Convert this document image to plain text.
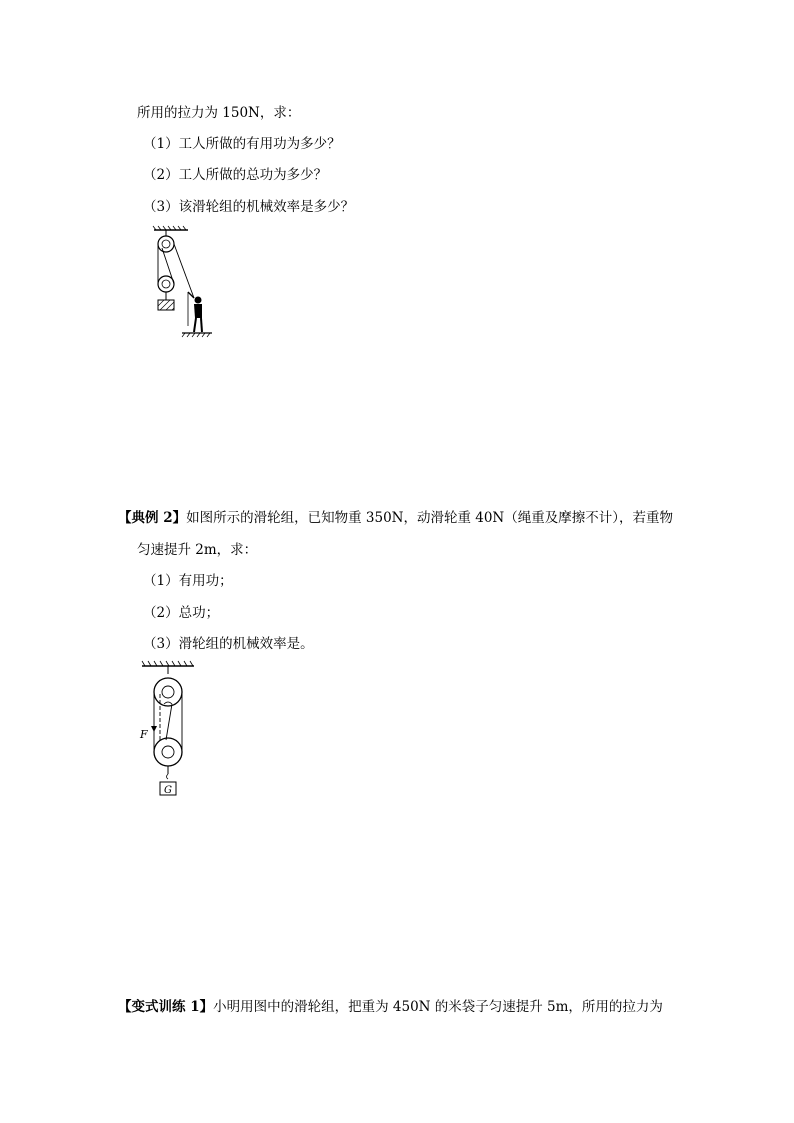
所用的拉力为 150N，求：
（1）工人所做的有用功为多少？
（2）工人所做的总功为多少？
（3）该滑轮组的机械效率是多少？
【典例 2】如图所示的滑轮组，已知物重 350N，动滑轮重 40N（绳重及摩擦不计），若重物
匀速提升 2m，求：
（1）有用功；
（2）总功；
（3）滑轮组的机械效率是。
F
G
【变式训练 1】小明用图中的滑轮组，把重为 450N 的米袋子匀速提升 5m，所用的拉力为
